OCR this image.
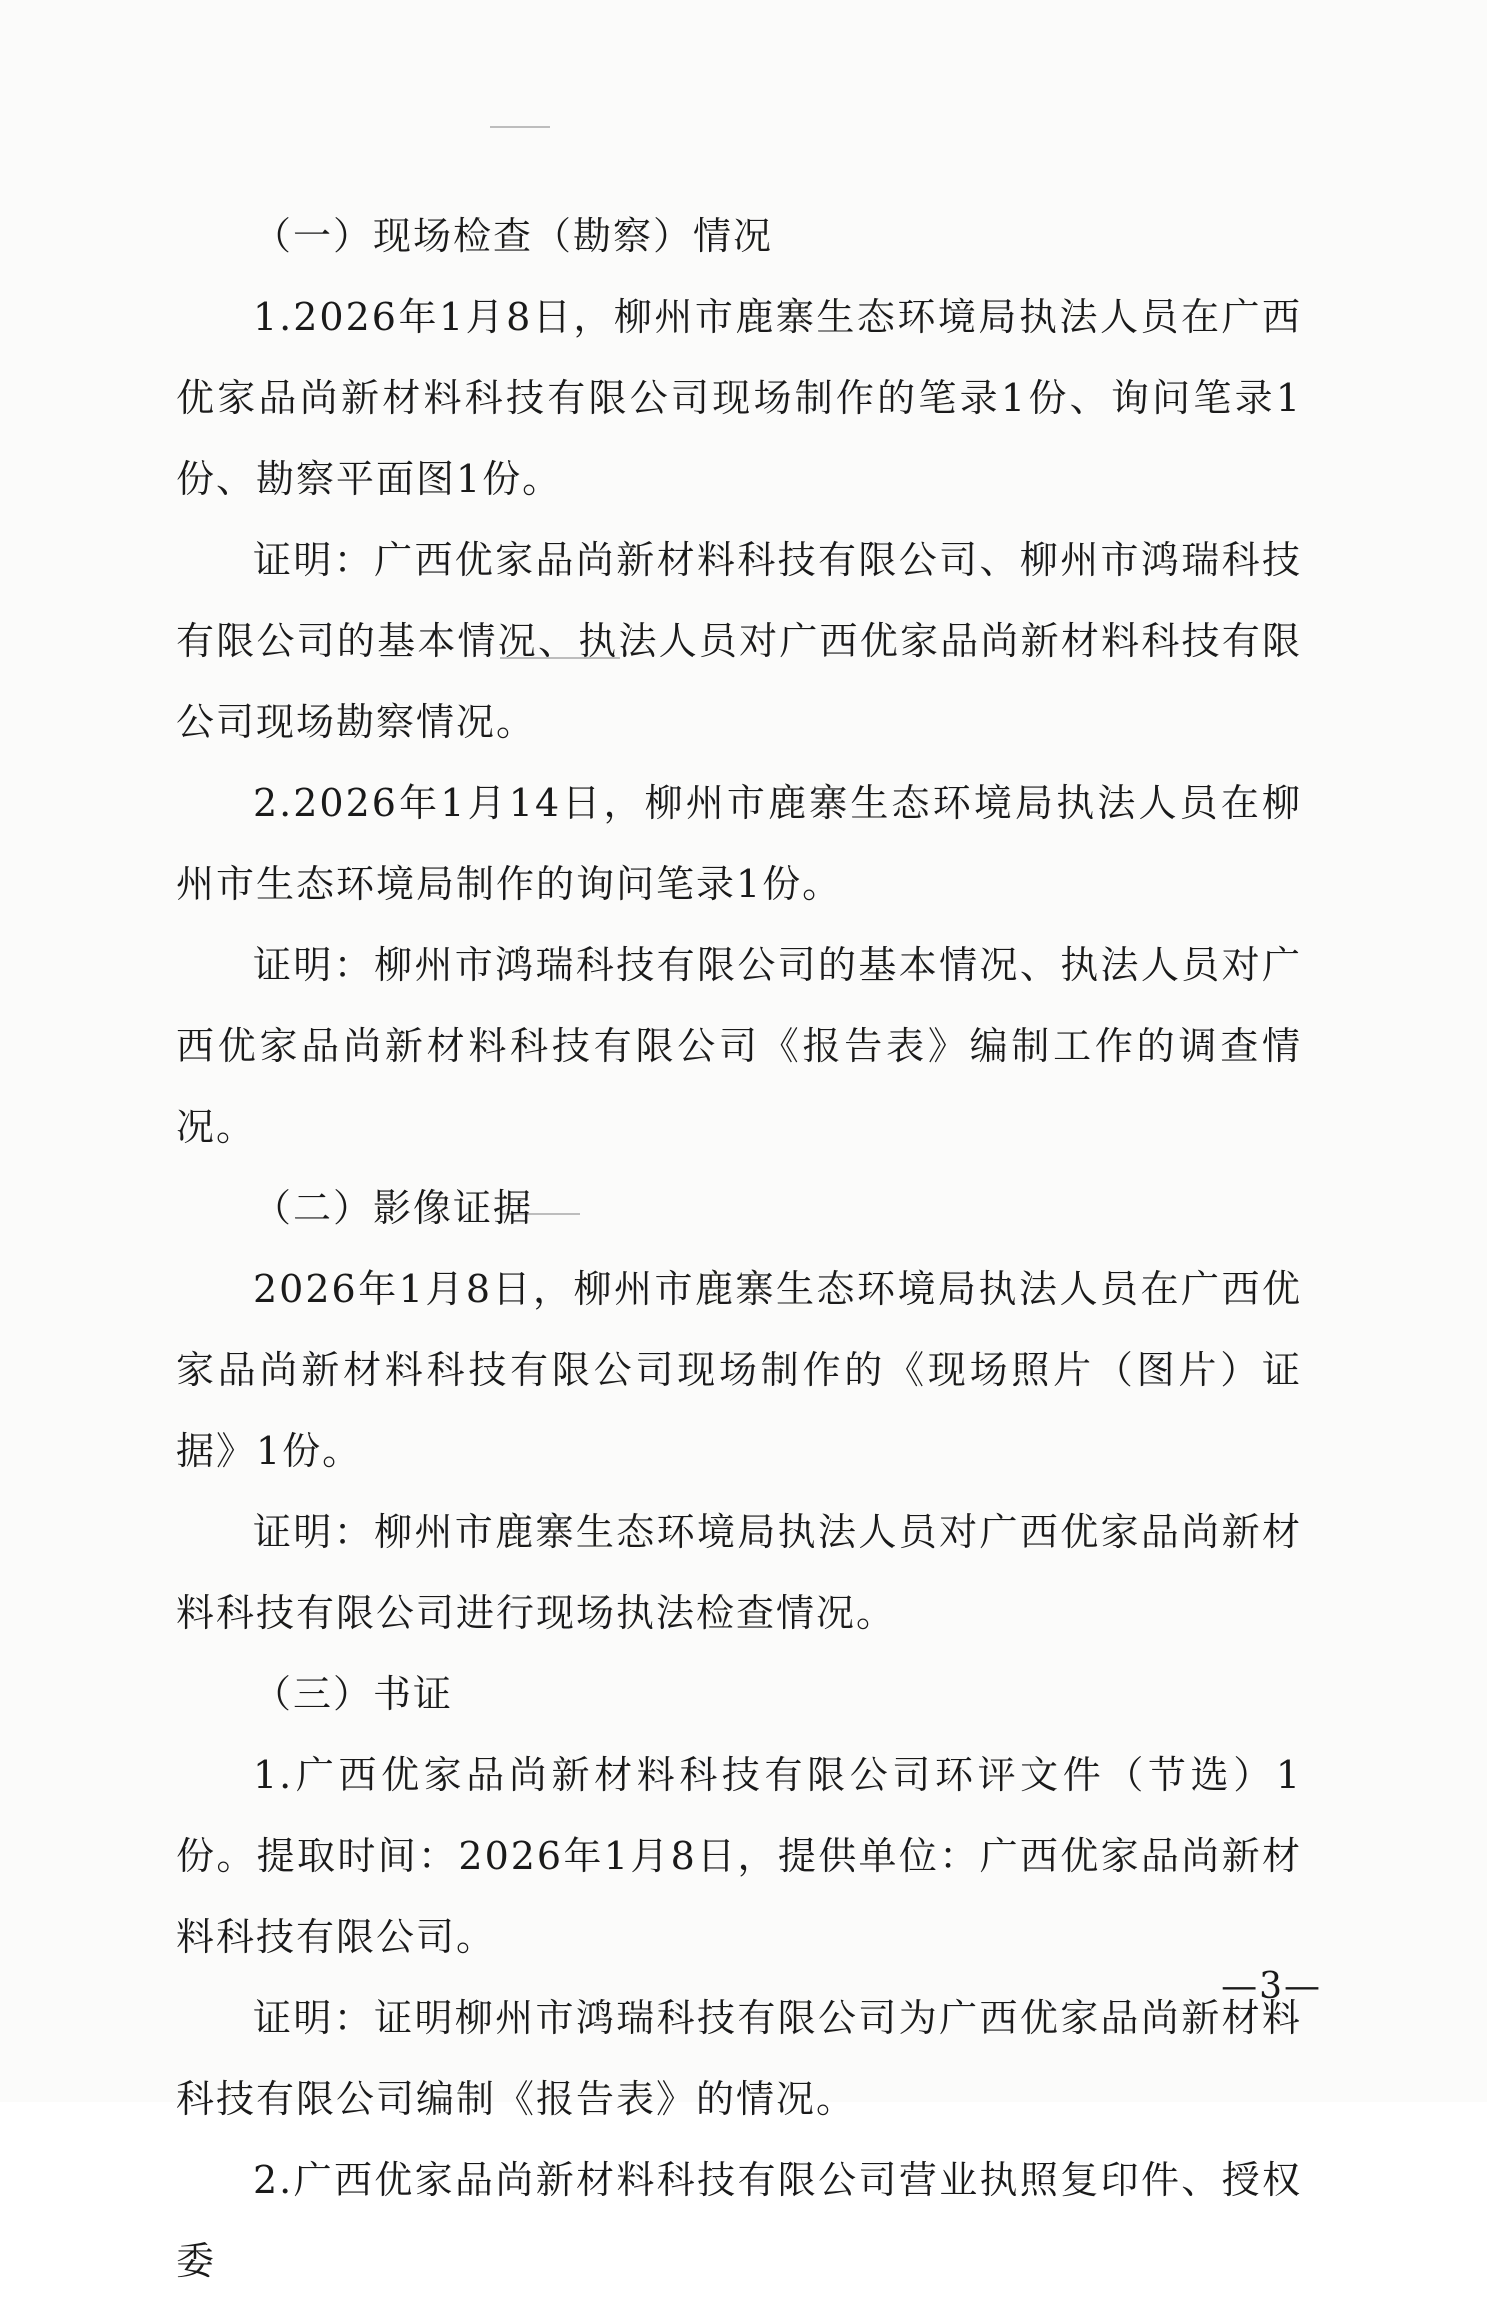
（一）现场检查（勘察）情况

1.2026年1月8日，柳州市鹿寨生态环境局执法人员在广西优家品尚新材料科技有限公司现场制作的笔录1份、询问笔录1份、勘察平面图1份。

证明：广西优家品尚新材料科技有限公司、柳州市鸿瑞科技有限公司的基本情况、执法人员对广西优家品尚新材料科技有限公司现场勘察情况。

2.2026年1月14日，柳州市鹿寨生态环境局执法人员在柳州市生态环境局制作的询问笔录1份。

证明：柳州市鸿瑞科技有限公司的基本情况、执法人员对广西优家品尚新材料科技有限公司《报告表》编制工作的调查情况。

（二）影像证据

2026年1月8日，柳州市鹿寨生态环境局执法人员在广西优家品尚新材料科技有限公司现场制作的《现场照片（图片）证据》1份。

证明：柳州市鹿寨生态环境局执法人员对广西优家品尚新材料科技有限公司进行现场执法检查情况。

（三）书证

1.广西优家品尚新材料科技有限公司环评文件（节选）1份。提取时间：2026年1月8日，提供单位：广西优家品尚新材料科技有限公司。

证明：证明柳州市鸿瑞科技有限公司为广西优家品尚新材料科技有限公司编制《报告表》的情况。

2.广西优家品尚新材料科技有限公司营业执照复印件、授权委

—3—
